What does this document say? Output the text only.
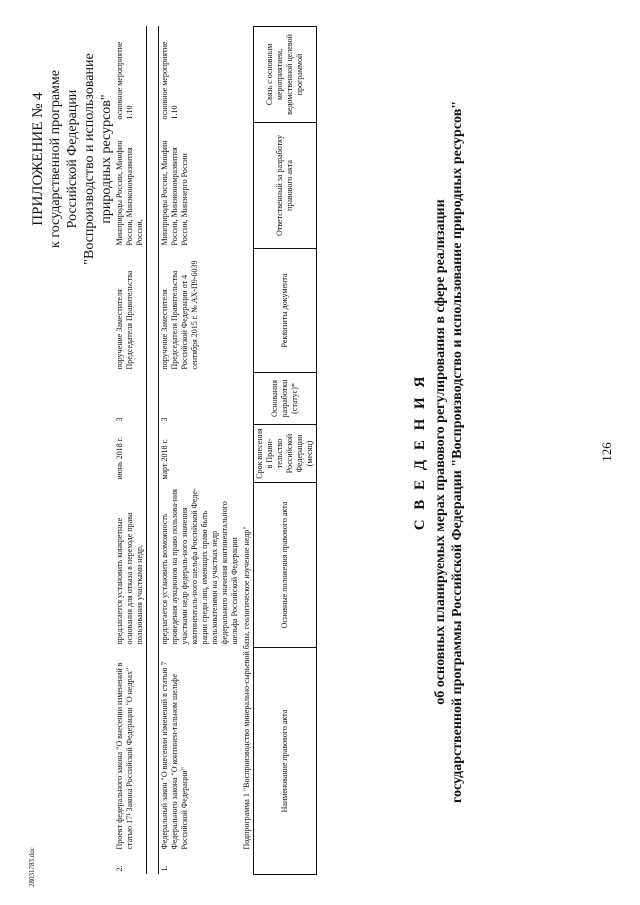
28031783.doc
ПРИЛОЖЕНИЕ № 4 к государственной программе Российской Федерации "Воспроизводство и использование природных ресурсов"
С В Е Д Е Н И Я об основных планируемых мерах правового регулирования в сфере реализации государственной программы Российской Федерации "Воспроизводство и использование природных ресурсов"	126
2.	Проект федерального закона "О внесении изменений в статью 17¹ Закона Российской Федерации "О недрах"	предлагается установить конкретные основания для отказа в переходе права пользования участками недр,	июнь 2018 г.	3	поручение Заместителя Председателя Правительства	Минприроды России, Минфин России, Минэкономразвития России,	основное мероприятие 1.10

1.	Федеральный закон "О внесении изменений в статью 7 Федерального закона "О континен-тальном шельфе Российской Федерации"	предлагается установить возможность проведения аукционов на право пользова-ния участками недр федераль-ного значения континенталь-ного шельфа Российской Феде-рации среди лиц, имеющих право быть пользователями на участках недр федерального значения континентального шельфа Российской Федерации	март 2018 г.	3	поручение Заместителя Председателя Правительства Российской Федерации от 4 сентября 2015 г. № АХ-П9-6039	Минприроды России, Минфин России, Минэкономразвития России, Минэнерго России	основное мероприятие 1.10
	Подпрограмма 1 "Воспроизводство минерально-сырьевой базы, геологическое изучение недр"						
Наименование правового акта		Основные положения правового акта	Срок внесения в Прави-тельство Российской Федерации (месяц)	Основания разработки (статус)*	Реквизиты документа	Ответственный за разработку правового акта	Связь с основным мероприятием, ведомственной целевой программой
